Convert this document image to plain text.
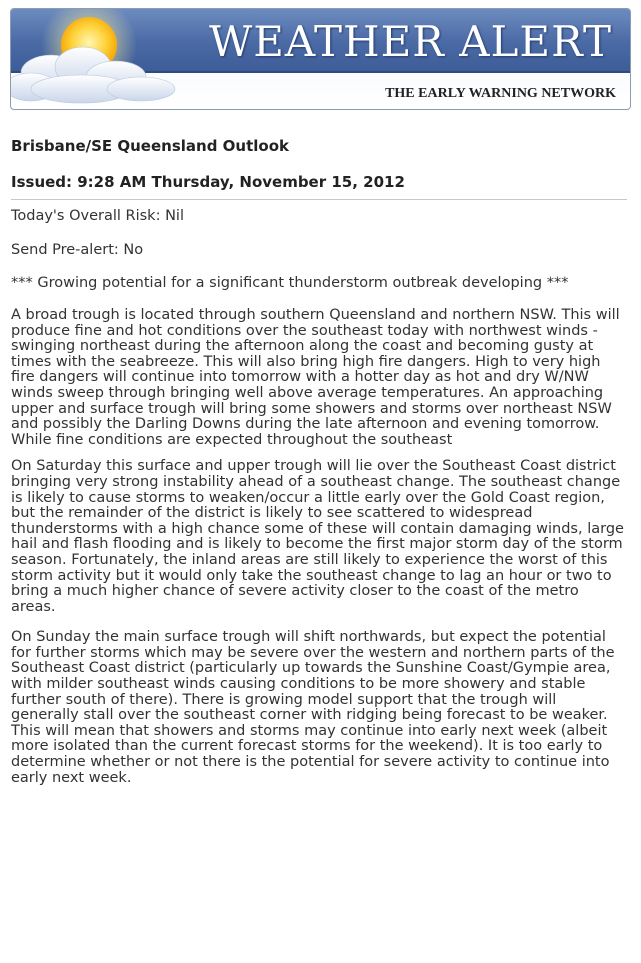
WEATHER ALERT
THE EARLY WARNING NETWORK

Brisbane/SE Queensland Outlook

Issued: 9:28 AM Thursday, November 15, 2012

Today's Overall Risk: Nil

Send Pre-alert: No

*** Growing potential for a significant thunderstorm outbreak developing ***

A broad trough is located through southern Queensland and northern NSW. This will produce fine and hot conditions over the southeast today with northwest winds - swinging northeast during the afternoon along the coast and becoming gusty at times with the seabreeze. This will also bring high fire dangers. High to very high fire dangers will continue into tomorrow with a hotter day as hot and dry W/NW winds sweep through bringing well above average temperatures. An approaching upper and surface trough will bring some showers and storms over northeast NSW and possibly the Darling Downs during the late afternoon and evening tomorrow. While fine conditions are expected throughout the southeast

On Saturday this surface and upper trough will lie over the Southeast Coast district bringing very strong instability ahead of a southeast change. The southeast change is likely to cause storms to weaken/occur a little early over the Gold Coast region, but the remainder of the district is likely to see scattered to widespread thunderstorms with a high chance some of these will contain damaging winds, large hail and flash flooding and is likely to become the first major storm day of the storm season. Fortunately, the inland areas are still likely to experience the worst of this storm activity but it would only take the southeast change to lag an hour or two to bring a much higher chance of severe activity closer to the coast of the metro areas.

On Sunday the main surface trough will shift northwards, but expect the potential for further storms which may be severe over the western and northern parts of the Southeast Coast district (particularly up towards the Sunshine Coast/Gympie area, with milder southeast winds causing conditions to be more showery and stable further south of there). There is growing model support that the trough will generally stall over the southeast corner with ridging being forecast to be weaker. This will mean that showers and storms may continue into early next week (albeit more isolated than the current forecast storms for the weekend). It is too early to determine whether or not there is the potential for severe activity to continue into early next week.
